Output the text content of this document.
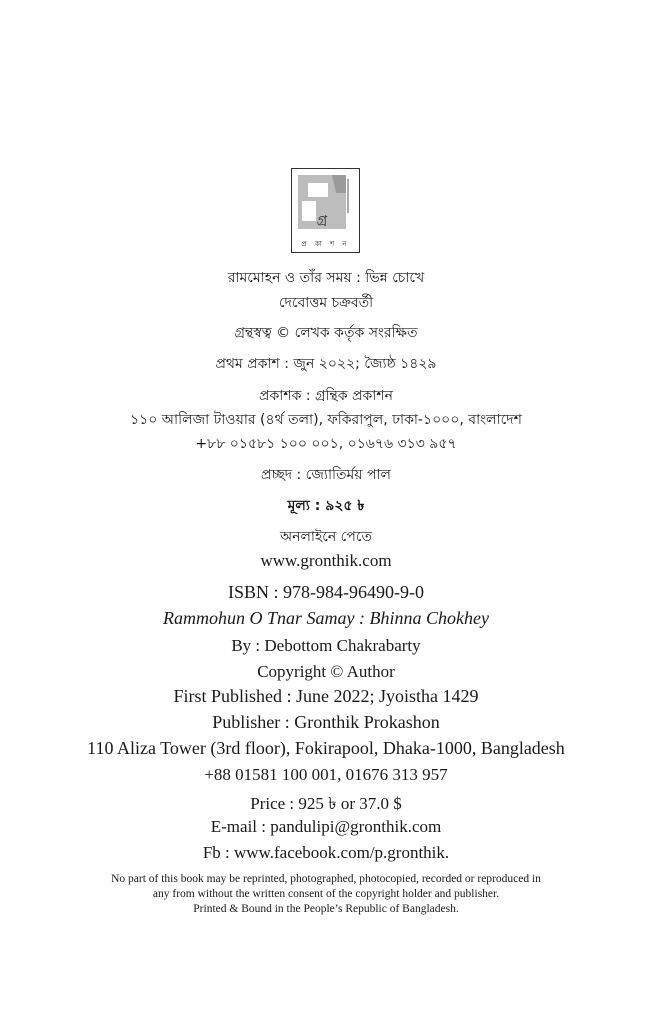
গ্র
প্র কা শ ন
রামমোহন ও তাঁর সময় : ভিন্ন চোখে
দেবোত্তম চক্রবর্তী
গ্রন্থস্বত্ব © লেখক কর্তৃক সংরক্ষিত
প্রথম প্রকাশ : জুন ২০২২; জ্যৈষ্ঠ ১৪২৯
প্রকাশক : গ্রন্থিক প্রকাশন
১১০ আলিজা টাওয়ার (৪র্থ তলা), ফকিরাপুল, ঢাকা-১০০০, বাংলাদেশ
+৮৮ ০১৫৮১ ১০০ ০০১, ০১৬৭৬ ৩১৩ ৯৫৭
প্রচ্ছদ : জ্যোতির্ময় পাল
মূল্য : ৯২৫ ৳
অনলাইনে পেতে
www.gronthik.com
ISBN : 978-984-96490-9-0
Rammohun O Tnar Samay : Bhinna Chokhey
By : Debottom Chakrabarty
Copyright © Author
First Published : June 2022; Jyoistha 1429
Publisher : Gronthik Prokashon
110 Aliza Tower (3rd floor), Fokirapool, Dhaka-1000, Bangladesh
+88 01581 100 001, 01676 313 957
Price : 925 ৳ or 37.0 $
E-mail : pandulipi@gronthik.com
Fb : www.facebook.com/p.gronthik.
No part of this book may be reprinted, photographed, photocopied, recorded or reproduced in
any from without the written consent of the copyright holder and publisher.
Printed & Bound in the People’s Republic of Bangladesh.
